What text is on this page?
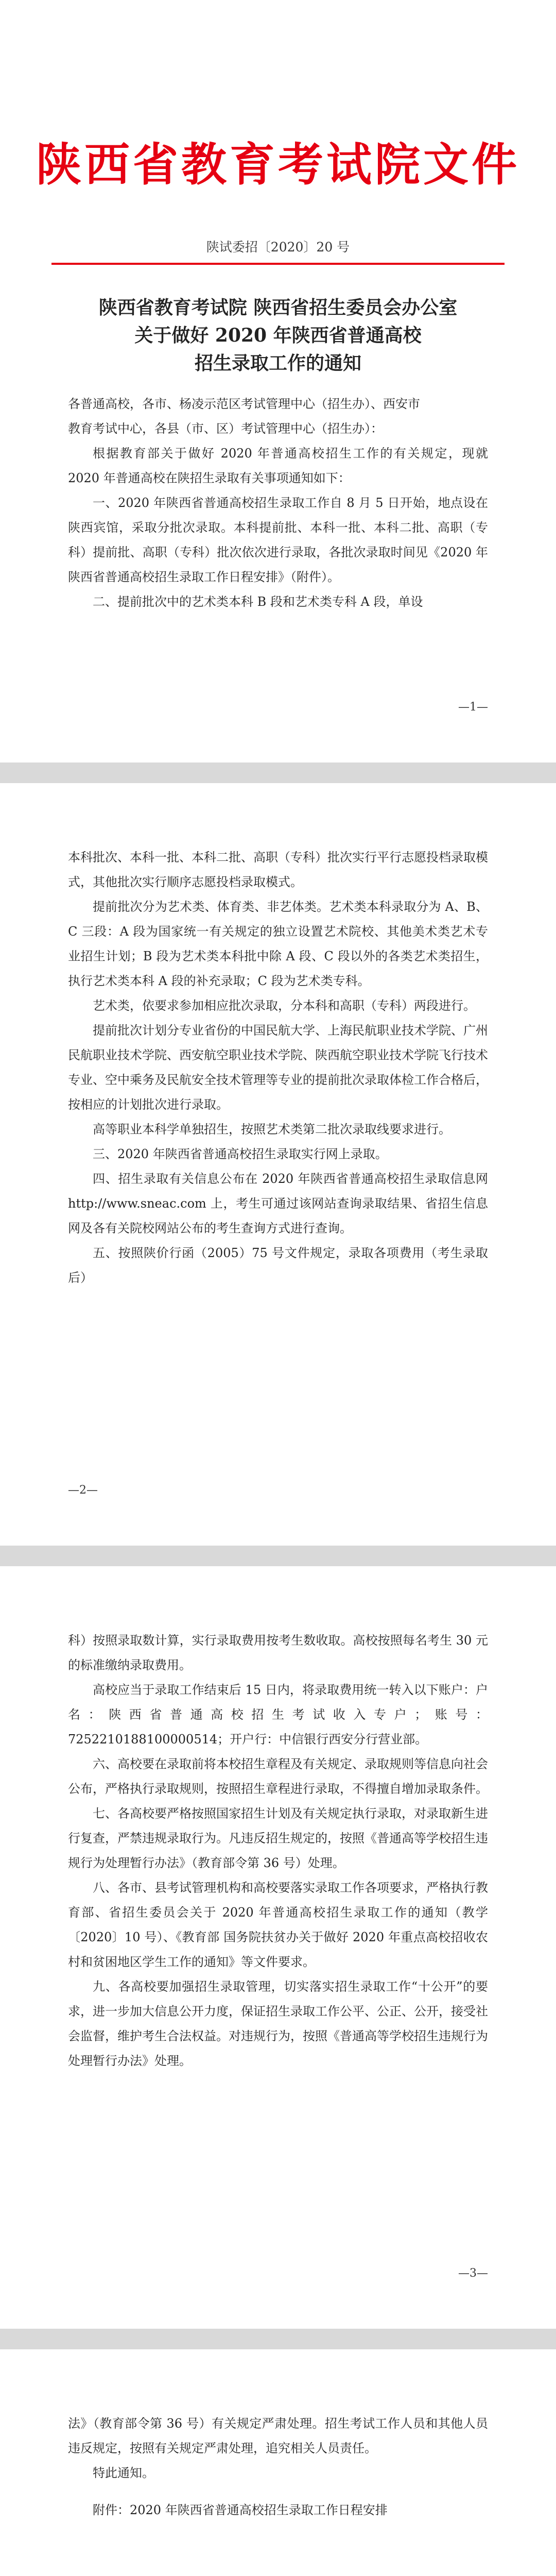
陕西省教育考试院文件
陕试委招〔2020〕20 号
陕西省教育考试院 陕西省招生委员会办公室
关于做好 2020 年陕西省普通高校
招生录取工作的通知

各普通高校，各市、杨凌示范区考试管理中心（招生办）、西安市

教育考试中心，各县（市、区）考试管理中心（招生办）：

根据教育部关于做好 2020 年普通高校招生工作的有关规定，现就 2020 年普通高校在陕招生录取有关事项通知如下：

一、2020 年陕西省普通高校招生录取工作自 8 月 5 日开始，地点设在陕西宾馆，采取分批次录取。本科提前批、本科一批、本科二批、高职（专科）提前批、高职（专科）批次依次进行录取，各批次录取时间见《2020 年陕西省普通高校招生录取工作日程安排》（附件）。

二、提前批次中的艺术类本科 B 段和艺术类专科 A 段，单设

—1—

本科批次、本科一批、本科二批、高职（专科）批次实行平行志愿投档录取模式，其他批次实行顺序志愿投档录取模式。

提前批次分为艺术类、体育类、非艺体类。艺术类本科录取分为 A、B、C 三段：A 段为国家统一有关规定的独立设置艺术院校、其他美术类艺术专业招生计划；B 段为艺术类本科批中除 A 段、C 段以外的各类艺术类招生，执行艺术类本科 A 段的补充录取；C 段为艺术类专科。

艺术类，依要求参加相应批次录取，分本科和高职（专科）两段进行。

提前批次计划分专业省份的中国民航大学、上海民航职业技术学院、广州民航职业技术学院、西安航空职业技术学院、陕西航空职业技术学院飞行技术专业、空中乘务及民航安全技术管理等专业的提前批次录取体检工作合格后，按相应的计划批次进行录取。

高等职业本科学单独招生，按照艺术类第二批次录取线要求进行。

三、2020 年陕西省普通高校招生录取实行网上录取。

四、招生录取有关信息公布在 2020 年陕西省普通高校招生录取信息网 http://www.sneac.com 上，考生可通过该网站查询录取结果、省招生信息网及各有关院校网站公布的考生查询方式进行查询。

五、按照陕价行函（2005）75 号文件规定，录取各项费用（考生录取后）

—2—

科）按照录取数计算，实行录取费用按考生数收取。高校按照每名考生 30 元的标准缴纳录取费用。

高校应当于录取工作结束后 15 日内，将录取费用统一转入以下账户：户名：陕西省普通高校招生考试收入专户；账号：7252210188100000514；开户行：中信银行西安分行营业部。

六、高校要在录取前将本校招生章程及有关规定、录取规则等信息向社会公布，严格执行录取规则，按照招生章程进行录取，不得擅自增加录取条件。

七、各高校要严格按照国家招生计划及有关规定执行录取，对录取新生进行复查，严禁违规录取行为。凡违反招生规定的，按照《普通高等学校招生违规行为处理暂行办法》（教育部令第 36 号）处理。

八、各市、县考试管理机构和高校要落实录取工作各项要求，严格执行教育部、省招生委员会关于 2020 年普通高校招生录取工作的通知（教学〔2020〕10 号）、《教育部 国务院扶贫办关于做好 2020 年重点高校招收农村和贫困地区学生工作的通知》等文件要求。

九、各高校要加强招生录取管理，切实落实招生录取工作“十公开”的要求，进一步加大信息公开力度，保证招生录取工作公平、公正、公开，接受社会监督，维护考生合法权益。对违规行为，按照《普通高等学校招生违规行为处理暂行办法》处理。

—3—

法》（教育部令第 36 号）有关规定严肃处理。招生考试工作人员和其他人员违反规定，按照有关规定严肃处理，追究相关人员责任。

特此通知。

附件：2020 年陕西省普通高校招生录取工作日程安排
